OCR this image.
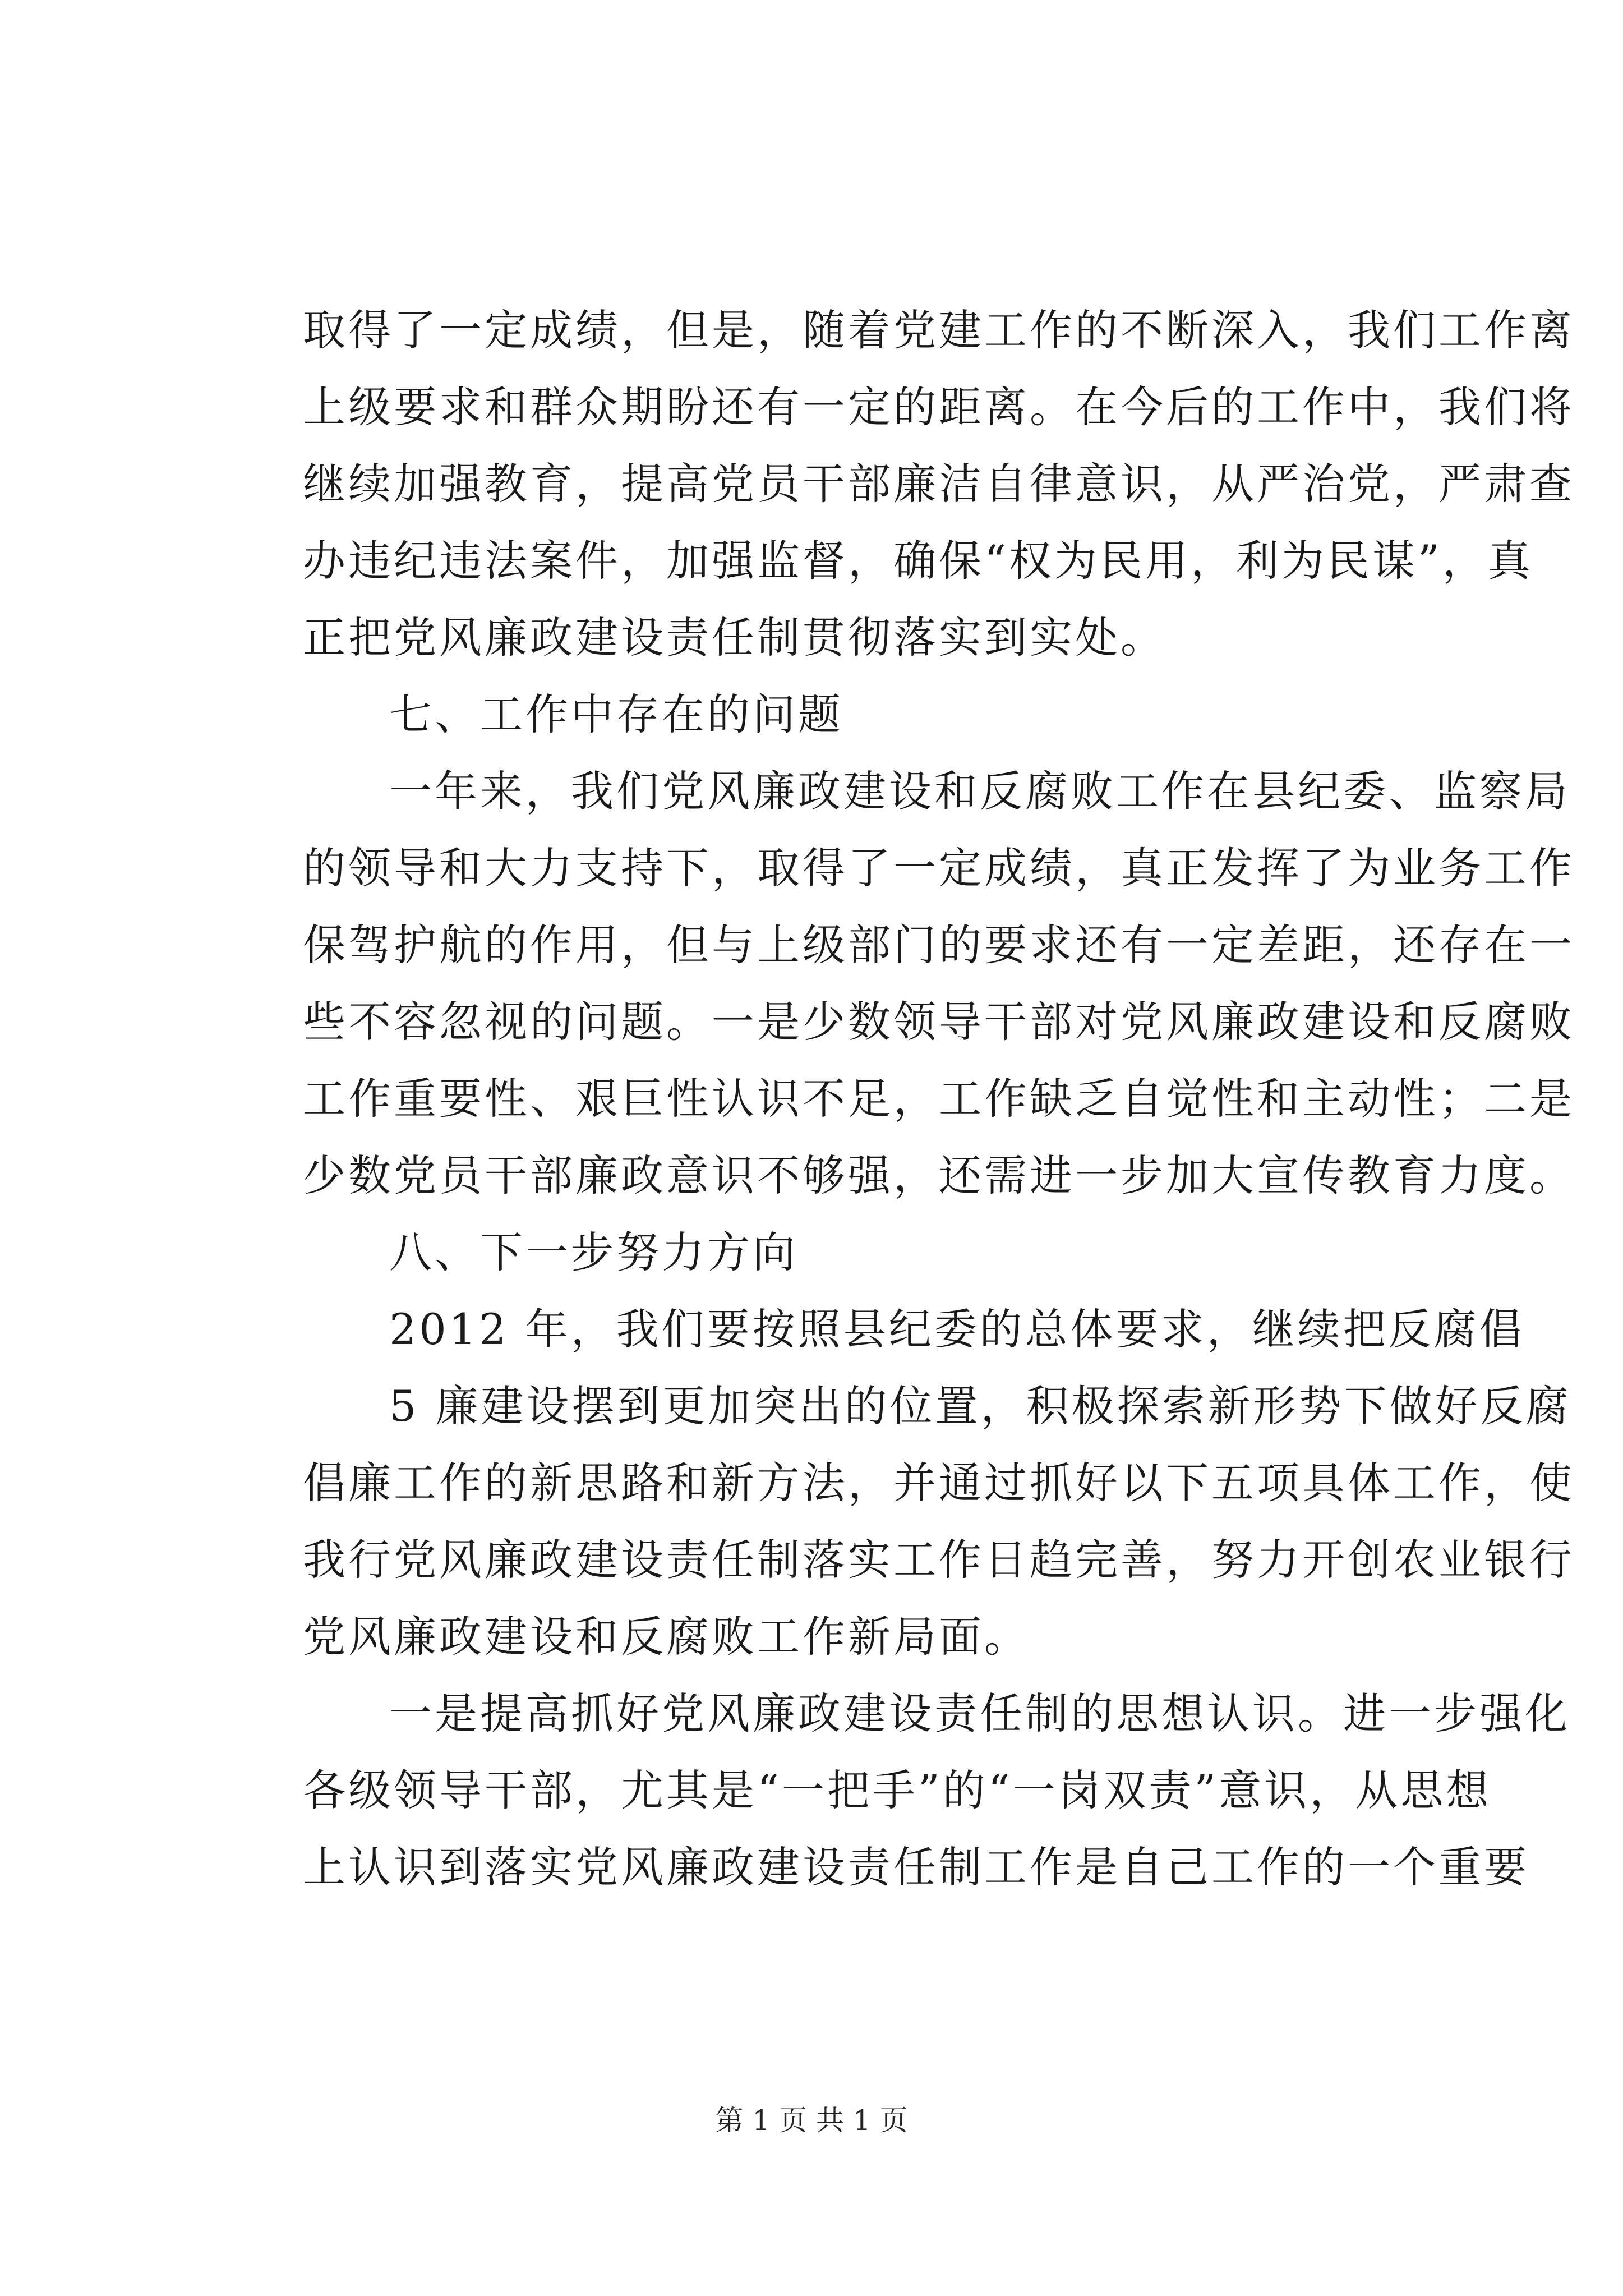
取得了一定成绩，但是，随着党建工作的不断深入，我们工作离
上级要求和群众期盼还有一定的距离。在今后的工作中，我们将
继续加强教育，提高党员干部廉洁自律意识，从严治党，严肃查
办违纪违法案件，加强监督，确保“权为民用，利为民谋”，真
正把党风廉政建设责任制贯彻落实到实处。
七、工作中存在的问题
一年来，我们党风廉政建设和反腐败工作在县纪委、监察局
的领导和大力支持下，取得了一定成绩，真正发挥了为业务工作
保驾护航的作用，但与上级部门的要求还有一定差距，还存在一
些不容忽视的问题。一是少数领导干部对党风廉政建设和反腐败
工作重要性、艰巨性认识不足，工作缺乏自觉性和主动性；二是
少数党员干部廉政意识不够强，还需进一步加大宣传教育力度。
八、下一步努力方向
2012 年，我们要按照县纪委的总体要求，继续把反腐倡
5 廉建设摆到更加突出的位置，积极探索新形势下做好反腐
倡廉工作的新思路和新方法，并通过抓好以下五项具体工作，使
我行党风廉政建设责任制落实工作日趋完善，努力开创农业银行
党风廉政建设和反腐败工作新局面。
一是提高抓好党风廉政建设责任制的思想认识。进一步强化
各级领导干部，尤其是“一把手”的“一岗双责”意识，从思想
上认识到落实党风廉政建设责任制工作是自己工作的一个重要
第 1 页 共 1 页
